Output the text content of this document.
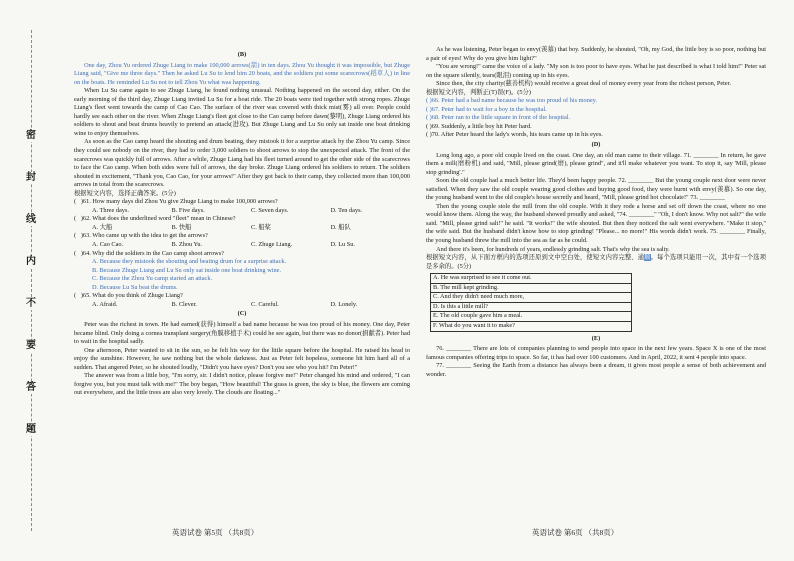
密
封
线
内
不
要
答
题
(B)

One day, Zhou Yu ordered Zhuge Liang to make 100,000 arrows(箭) in ten days. Zhou Yu thought it was impossible, but Zhuge Liang said, "Give me three days." Then he asked Lu Su to lend him 20 boats, and the soldiers put some scarecrows(稻草人) in line on the boats. He reminded Lu Su not to tell Zhou Yu what was happening.

When Lu Su came again to see Zhuge Liang, he found nothing unusual. Nothing happened on the second day, either. On the early morning of the third day, Zhuge Liang invited Lu Su for a boat ride. The 20 boats were tied together with strong ropes. Zhuge Liang's fleet went towards the camp of Cao Cao. The surface of the river was covered with thick mist(雾) all over. People could hardly see each other on the river. When Zhuge Liang's fleet got close to the Cao camp before dawn(黎明), Zhuge Liang ordered his soldiers to shout and beat drums heavily to pretend an attack(进攻). But Zhuge Liang and Lu Su only sat inside one boat drinking wine to enjoy themselves.

As soon as the Cao camp heard the shouting and drum beating, they mistook it for a surprise attack by the Zhou Yu camp. Since they could see nobody on the river, they had to order 3,000 soldiers to shoot arrows to stop the unexpected attack. The front of the scarecrows was quickly full of arrows. After a while, Zhuge Liang had his fleet turned around to get the other side of the scarecrows to face the Cao camp. When both sides were full of arrows, the day broke. Zhuge Liang ordered his soldiers to return. The soldiers shouted in excitement, "Thank you, Cao Cao, for your arrows!" After they got back to their camp, they collected more than 100,000 arrows in total from the scarecrows.

根据短文内容，选择正确答案。(5分)
(   )61. How many days did Zhou Yu give Zhuge Liang to make 100,000 arrows?
A. Three days.	B. Five days.	C. Seven days.	D. Ten days.
(   )62. What does the underlined word "fleet" mean in Chinese?
A. 大船	B. 快船	C. 船桨	D. 船队
(   )63. Who came up with the idea to get the arrows?
A. Cao Cao.	B. Zhou Yu.	C. Zhuge Liang.	D. Lu Su.
(   )64. Why did the soldiers in the Cao camp shoot arrows?
A. Because they mistook the shouting and beating drum for a surprise attack.
B. Because Zhuge Liang and Lu Su only sat inside one boat drinking wine.
C. Because the Zhou Yu camp started an attack.
D. Because Lu Su beat the drums.
(   )65. What do you think of Zhuge Liang?
A. Afraid.	B. Clever.	C. Careful.	D. Lonely.
(C)

Peter was the richest in town. He had earned(获得) himself a bad name because he was too proud of his money. One day, Peter became blind. Only doing a cornea transplant surgery(角膜移植手术) could he see again, but there was no donor(捐献者). Peter had to wait in the hospital sadly.

One afternoon, Peter wanted to sit in the sun, so he felt his way for the little square before the hospital. He raised his head to enjoy the sunshine. However, he saw nothing but the whole darkness. Just as Peter felt hopeless, someone hit him hard all of a sudden. That angered Peter, so he shouted loudly, "Didn't you have eyes? Don't you see who you hit? I'm Peter!"

The answer was from a little boy, "I'm sorry, sir. I didn't notice, please forgive me!" Peter changed his mind and ordered, "I can forgive you, but you must talk with me!" The boy began, "How beautiful! The grass is green, the sky is blue, the flowers are coming out everywhere, and the little trees are also very lovely. The clouds are floating..."

As he was listening, Peter began to envy(羡慕) that boy. Suddenly, he shouted, "Oh, my God, the little boy is so poor, nothing but a pair of eyes! Why do you give him light?"

"You are wrong!" came the voice of a lady. "My son is too poor to have eyes. What he just described is what I told him!" Peter sat on the square silently, tears(眼泪) coming up in his eyes.

Since then, the city charity(慈善机构) would receive a great deal of money every year from the richest person, Peter.

根据短文内容，判断正(T)误(F)。(5分)
( )66. Peter had a bad name because he was too proud of his money.
( )67. Peter had to wait for a boy in the hospital.
( )68. Peter ran to the little square in front of the hospital.
( )69. Suddenly, a little boy hit Peter hard.
( )70. After Peter heard the lady's words, his tears came up in his eyes.
(D)

Long long ago, a poor old couple lived on the coast. One day, an old man came to their village. 71. ________ In return, he gave them a mill(磨粉机) and said, "Mill, please grind(磨), please grind", and it'll make whatever you want. To stop it, say 'Mill, please stop grinding'."

Soon the old couple had a much better life. They'd been happy people. 72. ________ But the young couple next door were never satisfied. When they saw the old couple wearing good clothes and buying good food, they were burnt with envy(羡慕). So one day, the young husband went to the old couple's house secretly and heard, "Mill, please grind hot chocolate!" 73. ________

Then the young couple stole the mill from the old couple. With it they rode a horse and set off down the coast, where no one would know them. Along the way, the husband showed proudly and asked, "74. ________" "Oh, I don't know. Why not salt?" the wife said. "Mill, please grind salt!" he said. "It works!" the wife shouted. But then they noticed the salt went everywhere. "Make it stop," the wife said. But the husband didn't know how to stop grinding! "Please... no more!" His words didn't work. 75. ________ Finally, the young husband threw the mill into the sea as far as he could.

And there it's been, for hundreds of years, endlessly grinding salt. That's why the sea is salty.

根据短文内容，从下面方框内的选项还原到文中空白处，使短文内容完整、通顺。每个选项只能用一次，其中有一个选项是多余的。(5分)
A. He was surprised to see it come out.
B. The mill kept grinding.
C. And they didn't need much more,
D. Is this a little mill?
E. The old couple gave him a meal.
F. What do you want it to make?
(E)

76. ________ There are lots of companies planning to send people into space in the next few years. Space X is one of the most famous companies offering trips to space. So far, it has had over 100 customers. And in April, 2022, it sent 4 people into space.

77. ________ Seeing the Earth from a distance has always been a dream, it gives most people a sense of both achievement and wonder.

英语试卷 第5页 （共8页）	英语试卷 第6页 （共8页）
